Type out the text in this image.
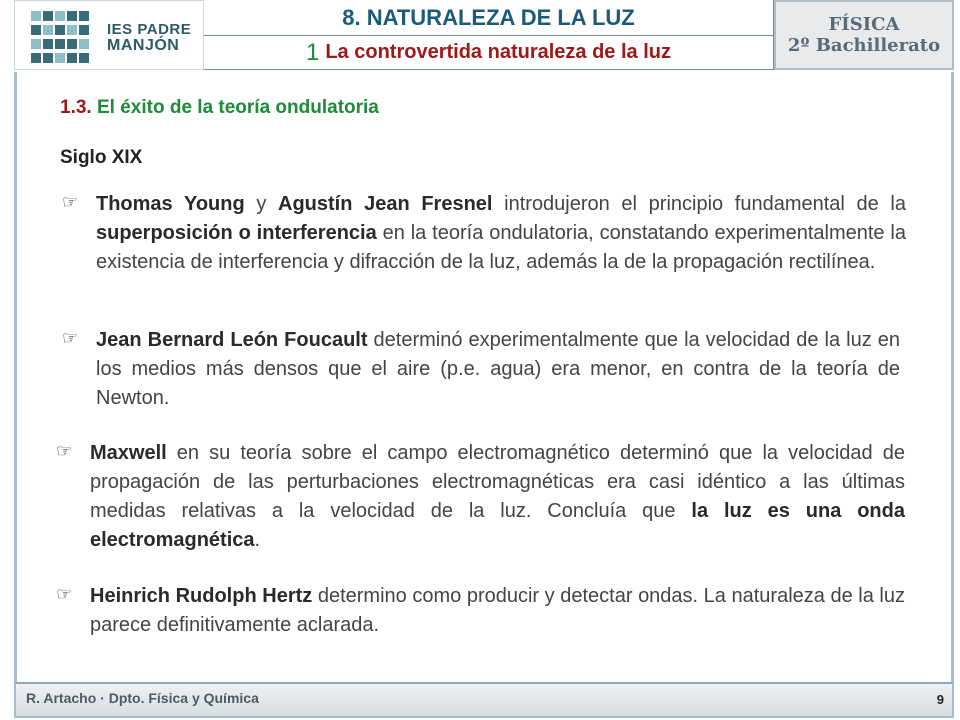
IES PADRE
MANJÓN
8. NATURALEZA DE LA LUZ
1 La controvertida naturaleza de la luz
FÍSICA
2º Bachillerato
1.3. El éxito de la teoría ondulatoria
Siglo XIX
☞ Thomas Young y Agustín Jean Fresnel introdujeron el principio fundamental de la superposición o interferencia en la teoría ondulatoria, constatando experimentalmente la existencia de interferencia y difracción de la luz, además la de la propagación rectilínea.
☞ Jean Bernard León Foucault determinó experimentalmente que la velocidad de la luz en los medios más densos que el aire (p.e. agua) era menor, en contra de la teoría de Newton.
☞ Maxwell en su teoría sobre el campo electromagnético determinó que la velocidad de propagación de las perturbaciones electromagnéticas era casi idéntico a las últimas medidas relativas a la velocidad de la luz. Concluía que la luz es una onda electromagnética.
☞ Heinrich Rudolph Hertz determino como producir y detectar ondas. La naturaleza de la luz parece definitivamente aclarada.
R. Artacho · Dpto. Física y Química	9
